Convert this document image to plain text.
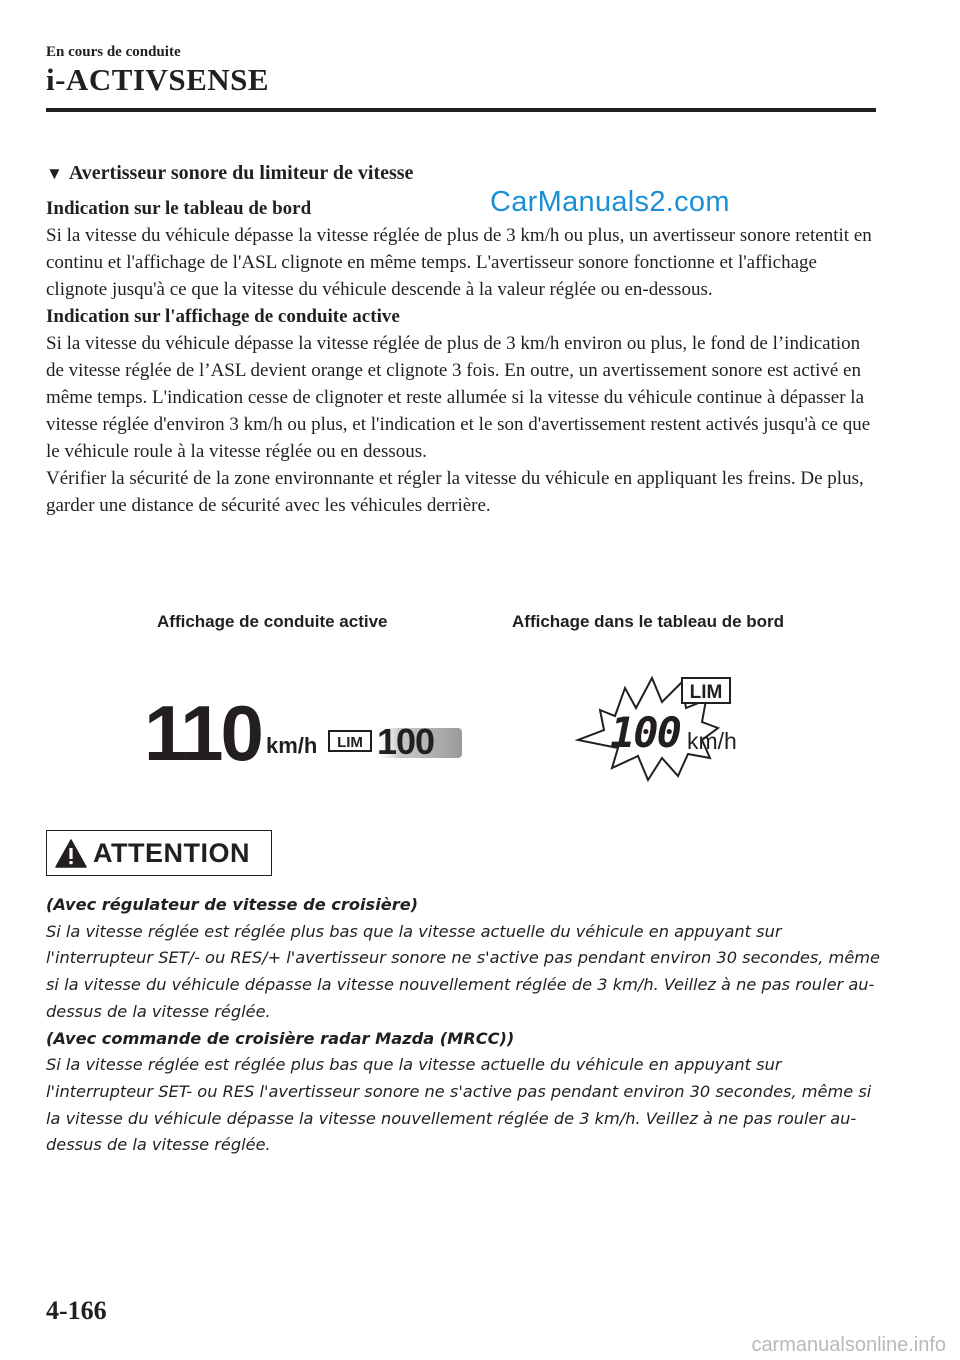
En cours de conduite
i-ACTIVSENSE
CarManuals2.com
▼ Avertisseur sonore du limiteur de vitesse

Indication sur le tableau de bord

Si la vitesse du véhicule dépasse la vitesse réglée de plus de 3 km/h ou plus, un avertisseur sonore retentit en continu et l'affichage de l'ASL clignote en même temps. L'avertisseur sonore fonctionne et l'affichage clignote jusqu'à ce que la vitesse du véhicule descende à la valeur réglée ou en-dessous.

Indication sur l'affichage de conduite active

Si la vitesse du véhicule dépasse la vitesse réglée de plus de 3 km/h environ ou plus, le fond de l’indication de vitesse réglée de l’ASL devient orange et clignote 3 fois. En outre, un avertissement sonore est activé en même temps. L'indication cesse de clignoter et reste allumée si la vitesse du véhicule continue à dépasser la vitesse réglée d'environ 3 km/h ou plus, et l'indication et le son d'avertissement restent activés jusqu'à ce que le véhicule roule à la vitesse réglée ou en dessous.

Vérifier la sécurité de la zone environnante et régler la vitesse du véhicule en appliquant les freins. De plus, garder une distance de sécurité avec les véhicules derrière.

Affichage de conduite active	Affichage dans le tableau de bord
110 km/h LIM 100
LIM
100 km/h
ATTENTION

(Avec régulateur de vitesse de croisière)

Si la vitesse réglée est réglée plus bas que la vitesse actuelle du véhicule en appuyant sur l'interrupteur SET/- ou RES/+ l'avertisseur sonore ne s'active pas pendant environ 30 secondes, même si la vitesse du véhicule dépasse la vitesse nouvellement réglée de 3 km/h. Veillez à ne pas rouler au-dessus de la vitesse réglée.

(Avec commande de croisière radar Mazda (MRCC))

Si la vitesse réglée est réglée plus bas que la vitesse actuelle du véhicule en appuyant sur l'interrupteur SET- ou RES l'avertisseur sonore ne s'active pas pendant environ 30 secondes, même si la vitesse du véhicule dépasse la vitesse nouvellement réglée de 3 km/h. Veillez à ne pas rouler au-dessus de la vitesse réglée.

4-166
carmanualsonline.info
